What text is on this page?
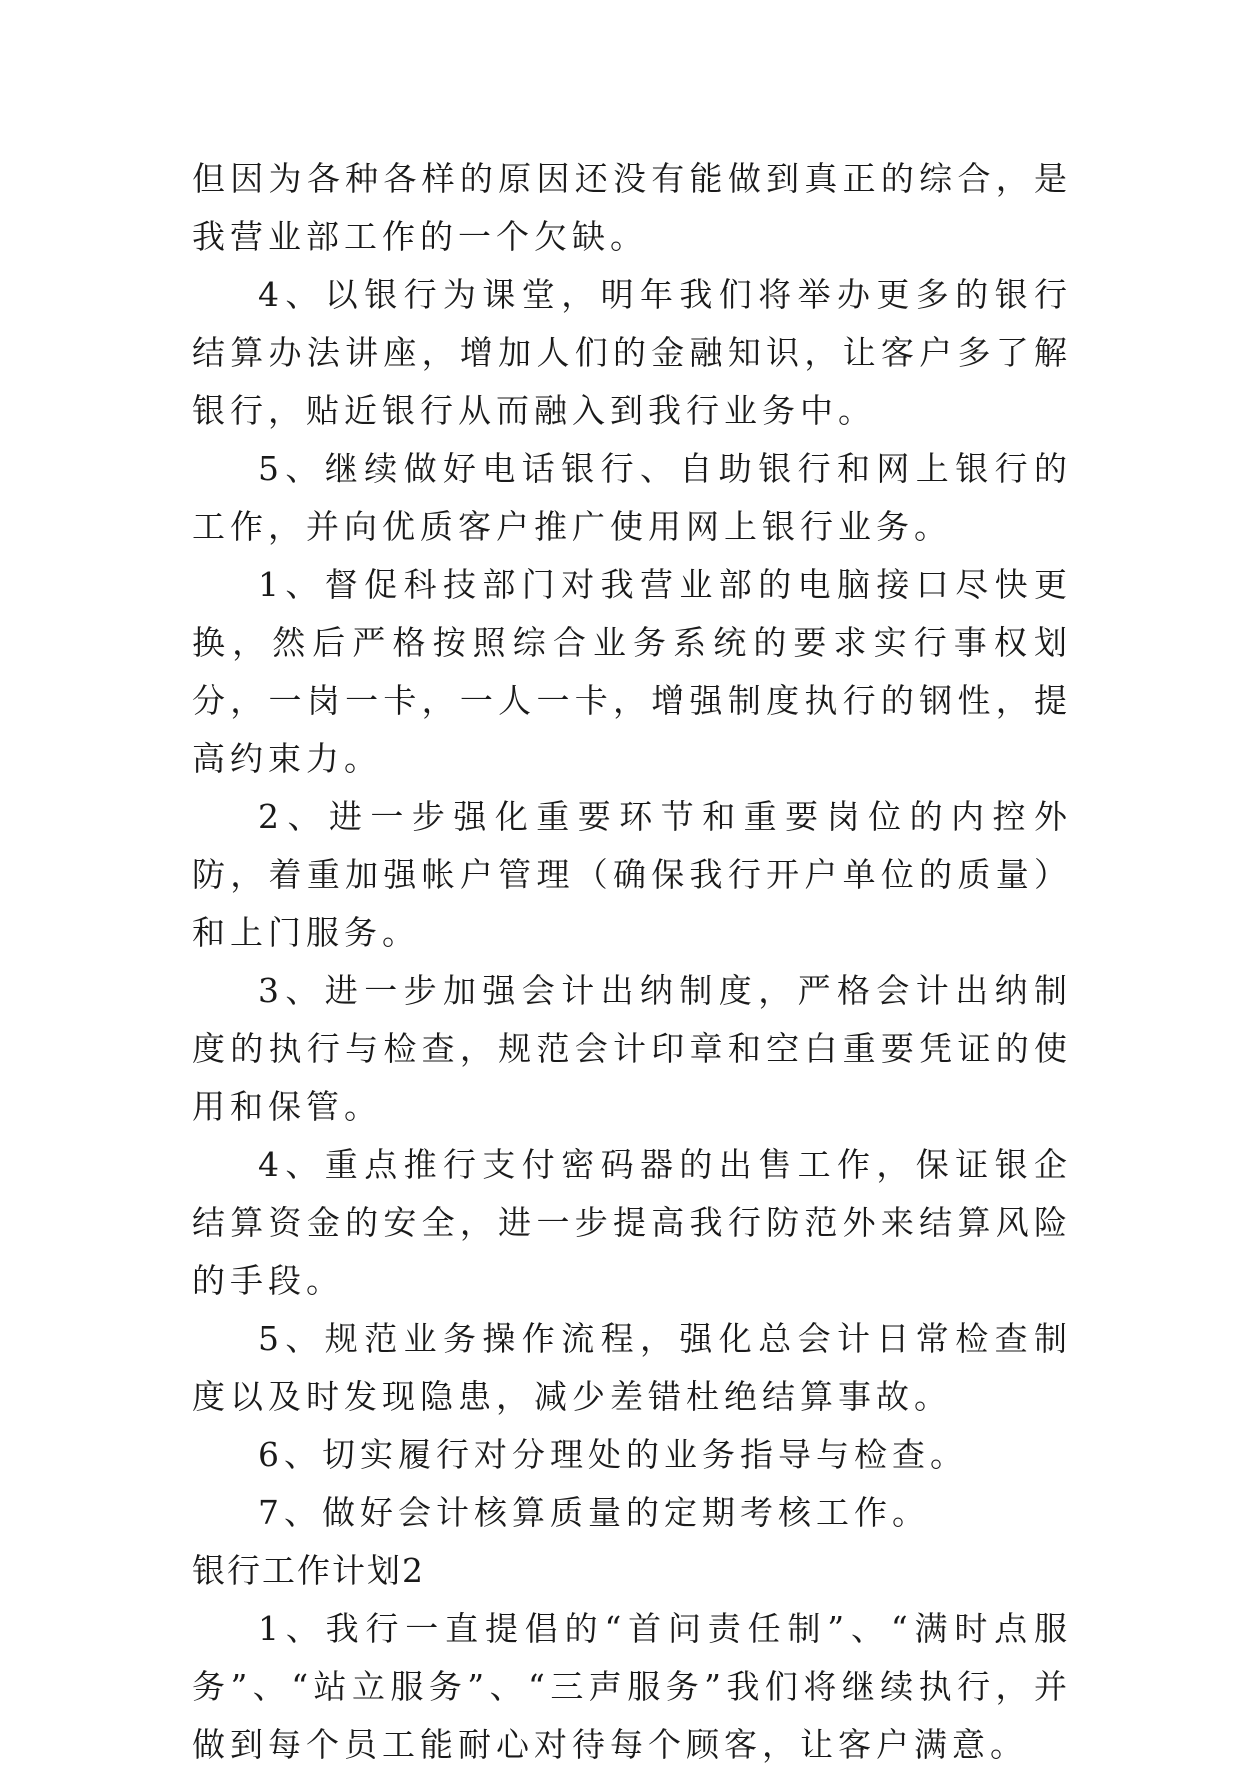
但因为各种各样的原因还没有能做到真正的综合，是我营业部工作的一个欠缺。

4、以银行为课堂，明年我们将举办更多的银行结算办法讲座，增加人们的金融知识，让客户多了解银行，贴近银行从而融入到我行业务中。

5、继续做好电话银行、自助银行和网上银行的工作，并向优质客户推广使用网上银行业务。

1、督促科技部门对我营业部的电脑接口尽快更换，然后严格按照综合业务系统的要求实行事权划分，一岗一卡，一人一卡，增强制度执行的钢性，提高约束力。

2、进一步强化重要环节和重要岗位的内控外防，着重加强帐户管理（确保我行开户单位的质量）和上门服务。

3、进一步加强会计出纳制度，严格会计出纳制度的执行与检查，规范会计印章和空白重要凭证的使用和保管。

4、重点推行支付密码器的出售工作，保证银企结算资金的安全，进一步提高我行防范外来结算风险的手段。

5、规范业务操作流程，强化总会计日常检查制度以及时发现隐患，减少差错杜绝结算事故。

6、切实履行对分理处的业务指导与检查。

7、做好会计核算质量的定期考核工作。

银行工作计划2

1、我行一直提倡的“首问责任制”、“满时点服务”、“站立服务”、“三声服务”我们将继续执行，并做到每个员工能耐心对待每个顾客，让客户满意。
